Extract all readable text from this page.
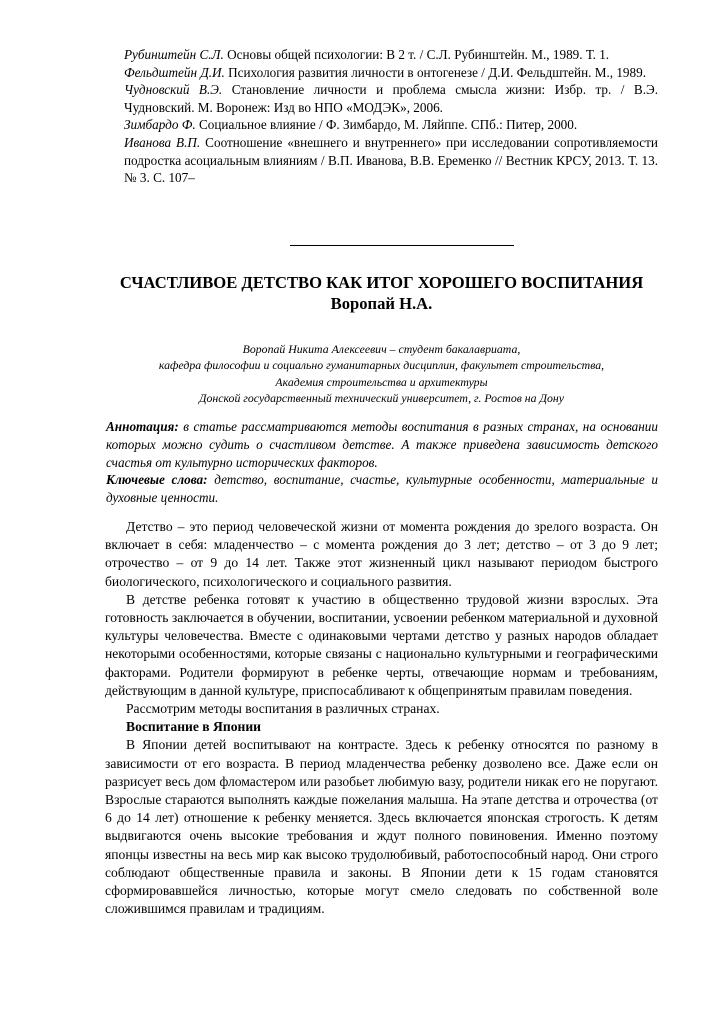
Рубинштейн С.Л. Основы общей психологии: В 2 т. / С.Л. Рубинштейн. М., 1989. Т. 1.

Фельдштейн Д.И. Психология развития личности в онтогенезе / Д.И. Фельдштейн. М., 1989.

Чудновский В.Э. Становление личности и проблема смысла жизни: Избр. тр. / В.Э. Чудновский. М. Воронеж: Изд во НПО «МОДЭК», 2006.

Зимбардо Ф. Социальное влияние / Ф. Зимбардо, М. Ляйппе. СПб.: Питер, 2000.

Иванова В.П. Соотношение «внешнего и внутреннего» при исследовании сопротивляемости подростка асоциальным влияниям / В.П. Иванова, В.В. Еременко // Вестник КРСУ, 2013. Т. 13. № 3. С. 107–

СЧАСТЛИВОЕ ДЕТСТВО КАК ИТОГ ХОРОШЕГО ВОСПИТАНИЯ

Воропай Н.А.

Воропай Никита Алексеевич – студент бакалавриата,
кафедра философии и социально гуманитарных дисциплин, факультет строительства,
Академия строительства и архитектуры
Донской государственный технический университет, г. Ростов на Дону

Аннотация: в статье рассматриваются методы воспитания в разных странах, на основании которых можно судить о счастливом детстве. А также приведена зависимость детского счастья от культурно исторических факторов.

Ключевые слова: детство, воспитание, счастье, культурные особенности, материальные и духовные ценности.

Детство – это период человеческой жизни от момента рождения до зрелого возраста. Он включает в себя: младенчество – с момента рождения до 3 лет; детство – от 3 до 9 лет; отрочество – от 9 до 14 лет. Также этот жизненный цикл называют периодом быстрого биологического, психологического и социального развития.

В детстве ребенка готовят к участию в общественно трудовой жизни взрослых. Эта готовность заключается в обучении, воспитании, усвоении ребенком материальной и духовной культуры человечества. Вместе с одинаковыми чертами детство у разных народов обладает некоторыми особенностями, которые связаны с национально культурными и географическими факторами. Родители формируют в ребенке черты, отвечающие нормам и требованиям, действующим в данной культуре, приспосабливают к общепринятым правилам поведения.

Рассмотрим методы воспитания в различных странах.

Воспитание в Японии

В Японии детей воспитывают на контрасте. Здесь к ребенку относятся по разному в зависимости от его возраста. В период младенчества ребенку дозволено все. Даже если он разрисует весь дом фломастером или разобьет любимую вазу, родители никак его не поругают. Взрослые стараются выполнять каждые пожелания малыша. На этапе детства и отрочества (от 6 до 14 лет) отношение к ребенку меняется. Здесь включается японская строгость. К детям выдвигаются очень высокие требования и ждут полного повиновения. Именно поэтому японцы известны на весь мир как высоко трудолюбивый, работоспособный народ. Они строго соблюдают общественные правила и законы. В Японии дети к 15 годам становятся сформировавшейся личностью, которые могут смело следовать по собственной воле сложившимся правилам и традициям.
